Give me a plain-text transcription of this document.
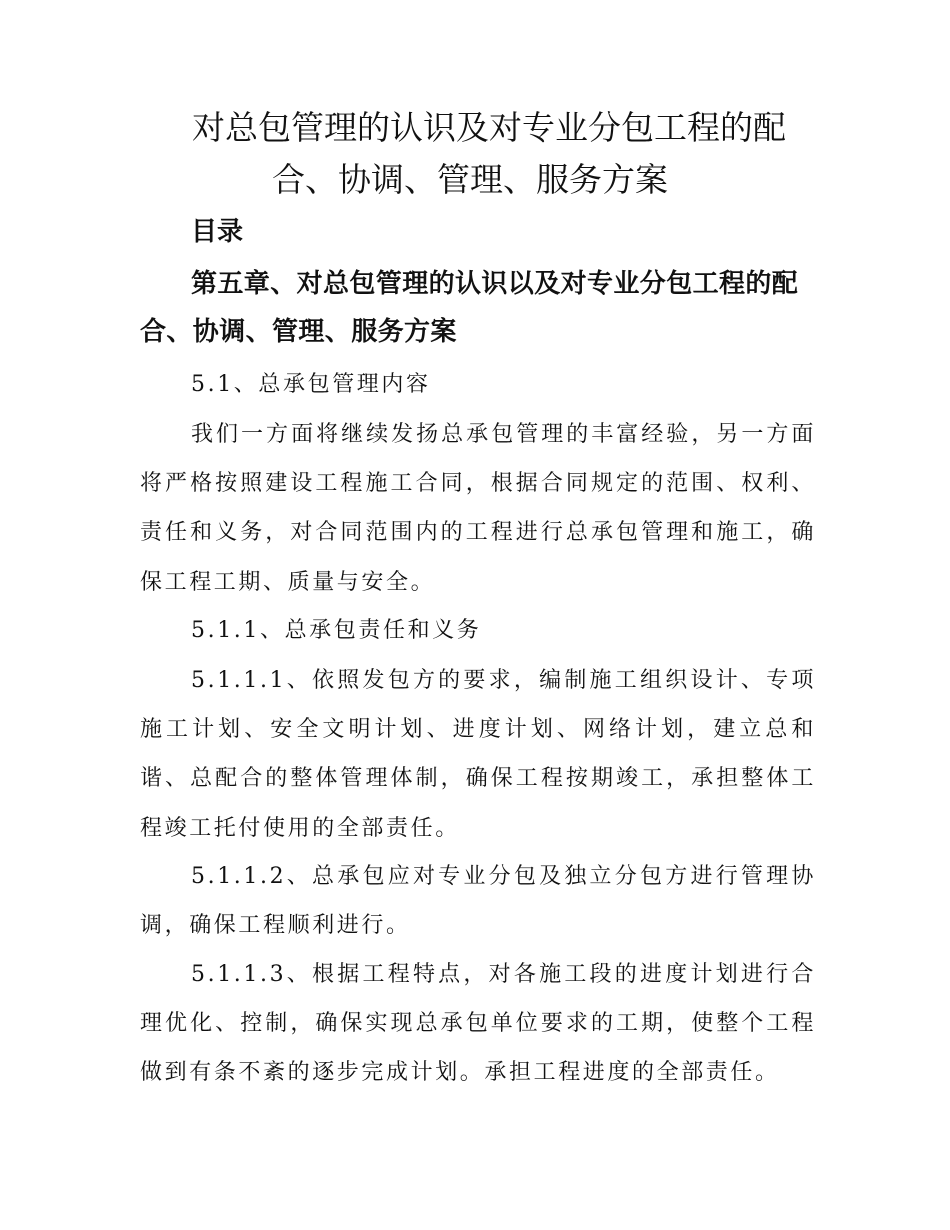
对总包管理的认识及对专业分包工程的配
合、协调、管理、服务方案
目录
第五章、对总包管理的认识以及对专业分包工程的配合、协调、管理、服务方案

5.1、总承包管理内容

我们一方面将继续发扬总承包管理的丰富经验，另一方面将严格按照建设工程施工合同，根据合同规定的范围、权利、责任和义务，对合同范围内的工程进行总承包管理和施工，确保工程工期、质量与安全。

5.1.1、总承包责任和义务

5.1.1.1、依照发包方的要求，编制施工组织设计、专项施工计划、安全文明计划、进度计划、网络计划，建立总和谐、总配合的整体管理体制，确保工程按期竣工，承担整体工程竣工托付使用的全部责任。

5.1.1.2、总承包应对专业分包及独立分包方进行管理协调，确保工程顺利进行。

5.1.1.3、根据工程特点，对各施工段的进度计划进行合理优化、控制，确保实现总承包单位要求的工期，使整个工程做到有条不紊的逐步完成计划。承担工程进度的全部责任。
